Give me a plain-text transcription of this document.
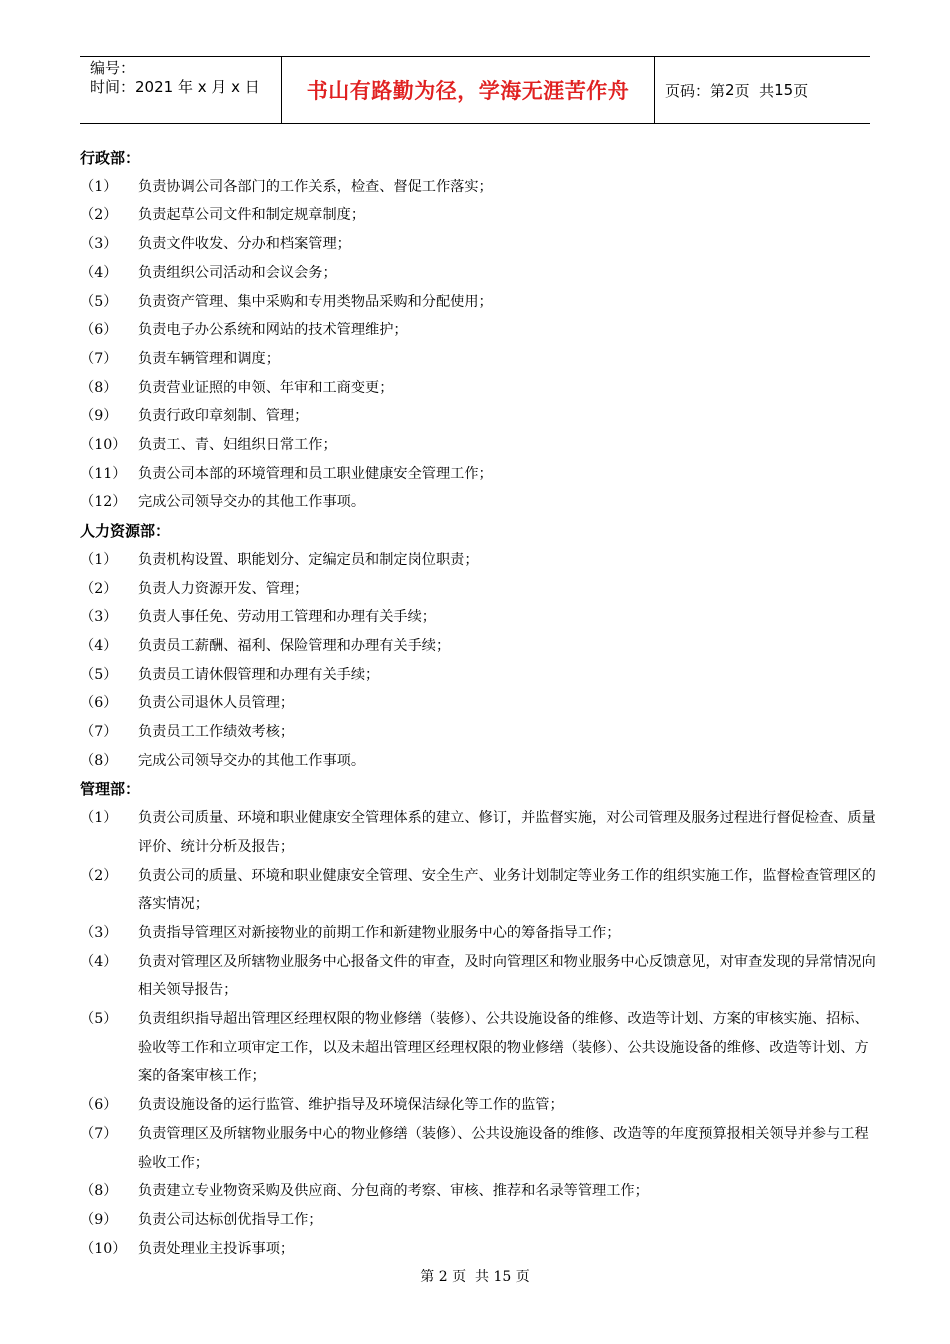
编号：
时间：2021 年 x 月 x 日	书山有路勤为径，学海无涯苦作舟	页码：第 2 页  共 15 页
行政部：
（1）	负责协调公司各部门的工作关系，检查、督促工作落实；
（2）	负责起草公司文件和制定规章制度；
（3）	负责文件收发、分办和档案管理；
（4）	负责组织公司活动和会议会务；
（5）	负责资产管理、集中采购和专用类物品采购和分配使用；
（6）	负责电子办公系统和网站的技术管理维护；
（7）	负责车辆管理和调度；
（8）	负责营业证照的申领、年审和工商变更；
（9）	负责行政印章刻制、管理；
（10） 负责工、青、妇组织日常工作；
（11） 负责公司本部的环境管理和员工职业健康安全管理工作；
（12） 完成公司领导交办的其他工作事项。
人力资源部：
（1）	负责机构设置、职能划分、定编定员和制定岗位职责；
（2）	负责人力资源开发、管理；
（3）	负责人事任免、劳动用工管理和办理有关手续；
（4）	负责员工薪酬、福利、保险管理和办理有关手续；
（5）	负责员工请休假管理和办理有关手续；
（6）	负责公司退休人员管理；
（7）	负责员工工作绩效考核；
（8）	完成公司领导交办的其他工作事项。
管理部：
（1）	负责公司质量、环境和职业健康安全管理体系的建立、修订，并监督实施，对公司管理及服务过程进行督促检查、质量评价、统计分析及报告；
（2）	负责公司的质量、环境和职业健康安全管理、安全生产、业务计划制定等业务工作的组织实施工作，监督检查管理区的落实情况；
（3）	负责指导管理区对新接物业的前期工作和新建物业服务中心的筹备指导工作；
（4）	负责对管理区及所辖物业服务中心报备文件的审查，及时向管理区和物业服务中心反馈意见，对审查发现的异常情况向相关领导报告；
（5）	负责组织指导超出管理区经理权限的物业修缮（装修）、公共设施设备的维修、改造等计划、方案的审核实施、招标、验收等工作和立项审定工作，以及未超出管理区经理权限的物业修缮（装修）、公共设施设备的维修、改造等计划、方案的备案审核工作；
（6）	负责设施设备的运行监管、维护指导及环境保洁绿化等工作的监管；
（7）	负责管理区及所辖物业服务中心的物业修缮（装修）、公共设施设备的维修、改造等的年度预算报相关领导并参与工程验收工作；
（8）	负责建立专业物资采购及供应商、分包商的考察、审核、推荐和名录等管理工作；
（9）	负责公司达标创优指导工作；
（10） 负责处理业主投诉事项；
第 2 页  共 15 页
